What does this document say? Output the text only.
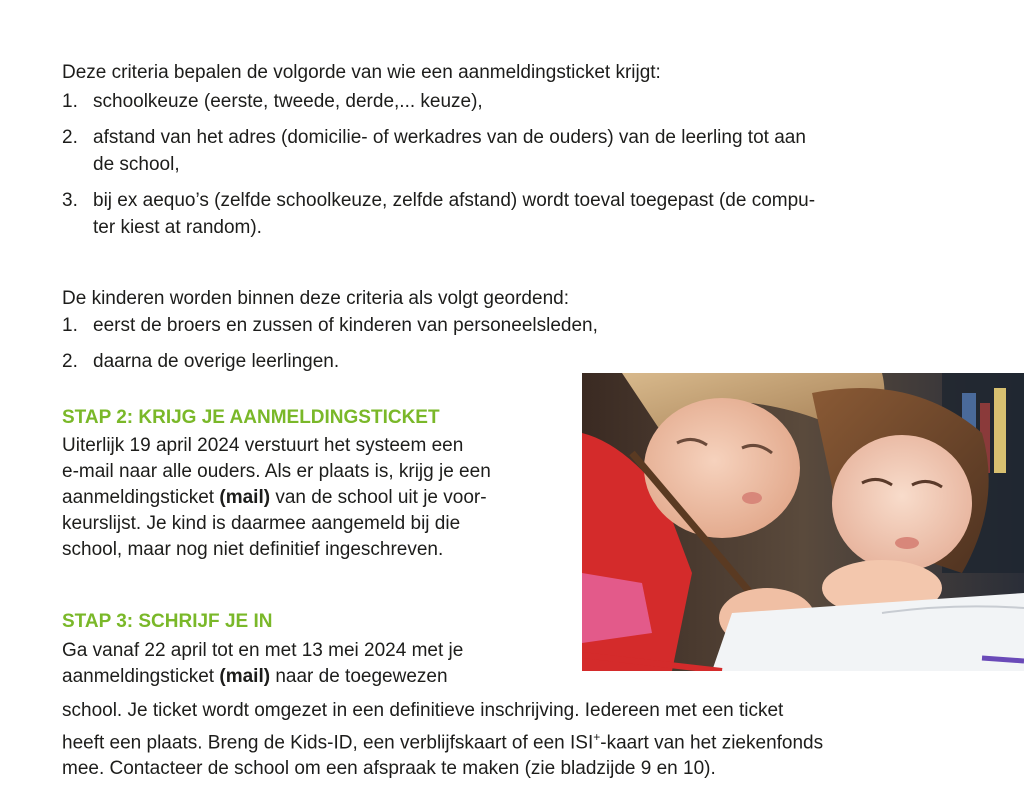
Deze criteria bepalen de volgorde van wie een aanmeldingsticket krijgt:

1. schoolkeuze (eerste, tweede, derde,... keuze),
2. afstand van het adres (domicilie- of werkadres van de ouders) van de leerling tot aan
de school,
3. bij ex aequo’s (zelfde schoolkeuze, zelfde afstand) wordt toeval toegepast (de compu-
ter kiest at random).

De kinderen worden binnen deze criteria als volgt geordend:

1. eerst de broers en zussen of kinderen van personeelsleden,
2. daarna de overige leerlingen.
STAP 2: KRIJG JE AANMELDINGSTICKET

Uiterlijk 19 april 2024 verstuurt het systeem een
e-mail naar alle ouders. Als er plaats is, krijg je een
aanmeldingsticket (mail) van de school uit je voor-
keurslijst. Je kind is daarmee aangemeld bij die
school, maar nog niet definitief ingeschreven.

STAP 3: SCHRIJF JE IN

Ga vanaf 22 april tot en met 13 mei 2024 met je
aanmeldingsticket (mail) naar de toegewezen

school. Je ticket wordt omgezet in een definitieve inschrijving. Iedereen met een ticket
heeft een plaats. Breng de Kids-ID, een verblijfskaart of een ISI+-kaart van het ziekenfonds
mee. Contacteer de school om een afspraak te maken (zie bladzijde 9 en 10).
